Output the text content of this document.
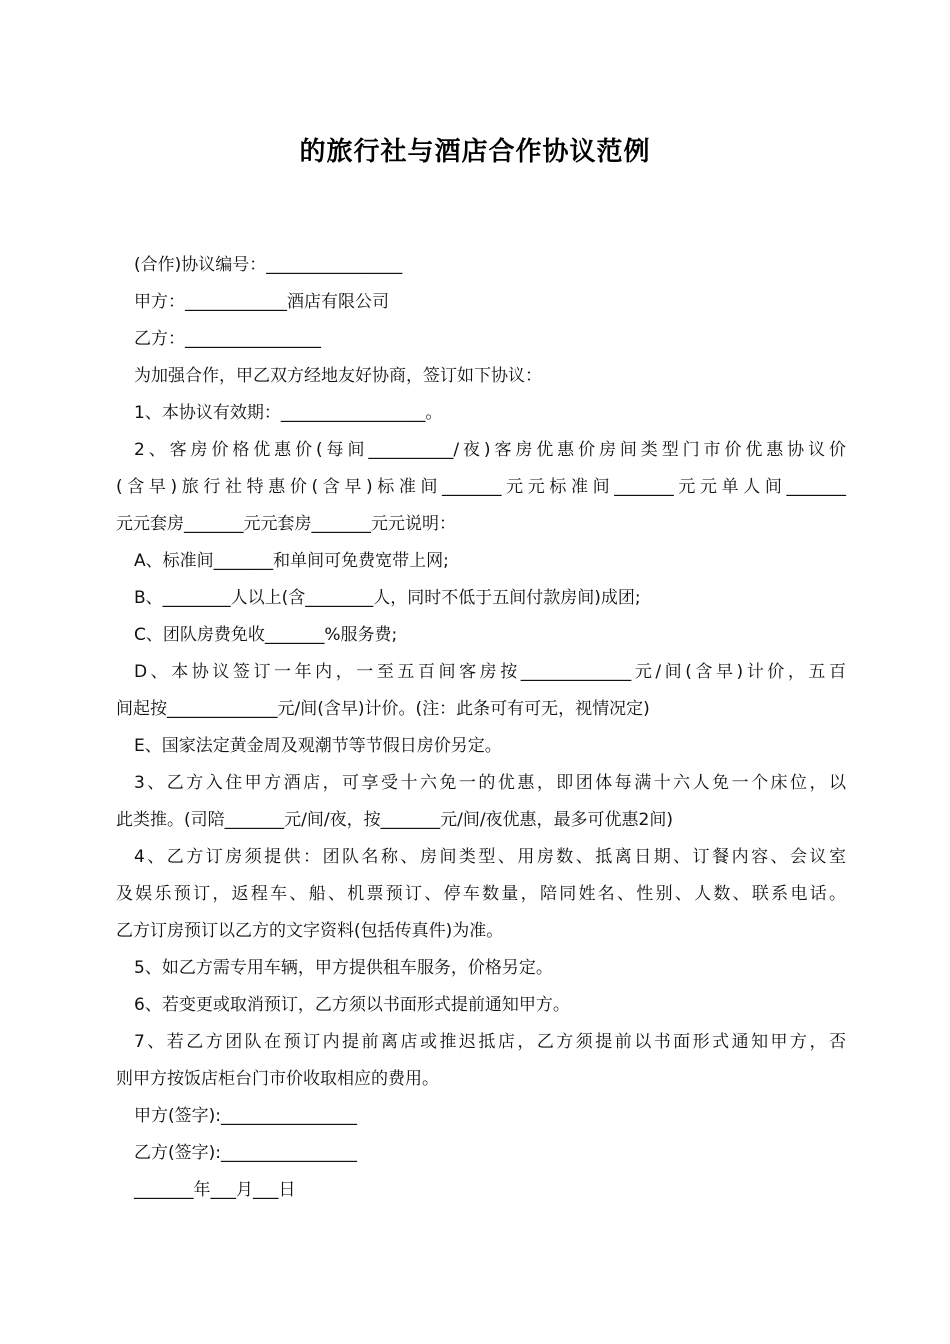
的旅行社与酒店合作协议范例

(合作)协议编号：________________

甲方：____________酒店有限公司

乙方：________________

为加强合作，甲乙双方经地友好协商，签订如下协议：

1、本协议有效期：_________________。

2、客房价格优惠价(每间__________/夜)客房优惠价房间类型门市价优惠协议价

(含早)旅行社特惠价(含早)标准间_______元元标准间_______元元单人间_______

元元套房_______元元套房_______元元说明：

A、标准间_______和单间可免费宽带上网;

B、________人以上(含________人，同时不低于五间付款房间)成团;

C、团队房费免收_______%服务费;

D、本协议签订一年内，一至五百间客房按_____________元/间(含早)计价，五百

间起按_____________元/间(含早)计价。(注：此条可有可无，视情况定)

E、国家法定黄金周及观潮节等节假日房价另定。

3、乙方入住甲方酒店，可享受十六免一的优惠，即团体每满十六人免一个床位，以

此类推。(司陪_______元/间/夜，按_______元/间/夜优惠，最多可优惠2间)

4、乙方订房须提供：团队名称、房间类型、用房数、抵离日期、订餐内容、会议室

及娱乐预订，返程车、船、机票预订、停车数量，陪同姓名、性别、人数、联系电话。

乙方订房预订以乙方的文字资料(包括传真件)为准。

5、如乙方需专用车辆，甲方提供租车服务，价格另定。

6、若变更或取消预订，乙方须以书面形式提前通知甲方。

7、若乙方团队在预订内提前离店或推迟抵店，乙方须提前以书面形式通知甲方，否

则甲方按饭店柜台门市价收取相应的费用。

甲方(签字):________________

乙方(签字):________________

_______年___月___日
